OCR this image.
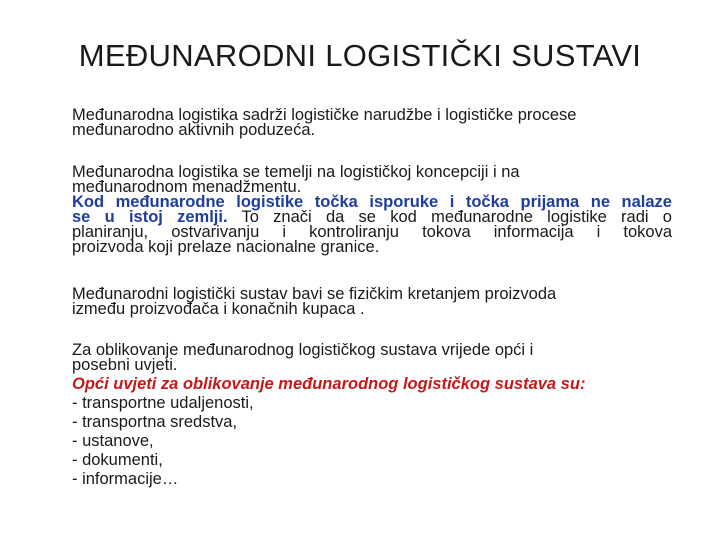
MEĐUNARODNI LOGISTIČKI SUSTAVI
Međunarodna logistika sadrži logističke narudžbe i logističke procese
međunarodno aktivnih poduzeća.
Međunarodna logistika se temelji na logističkoj koncepciji i na
međunarodnom menadžmentu.
Kod međunarodne logistike točka isporuke i točka prijama ne nalaze
se u istoj zemlji. To znači da se kod međunarodne logistike radi o
planiranju, ostvarivanju i kontroliranju tokova informacija i tokova
proizvoda koji prelaze nacionalne granice.
Međunarodni logistički sustav bavi se fizičkim kretanjem proizvoda
između proizvođača i konačnih kupaca .
Za oblikovanje međunarodnog logističkog sustava vrijede opći i
posebni uvjeti.
Opći uvjeti za oblikovanje međunarodnog logističkog sustava su:
- transportne udaljenosti,
- transportna sredstva,
- ustanove,
- dokumenti,
- informacije…
